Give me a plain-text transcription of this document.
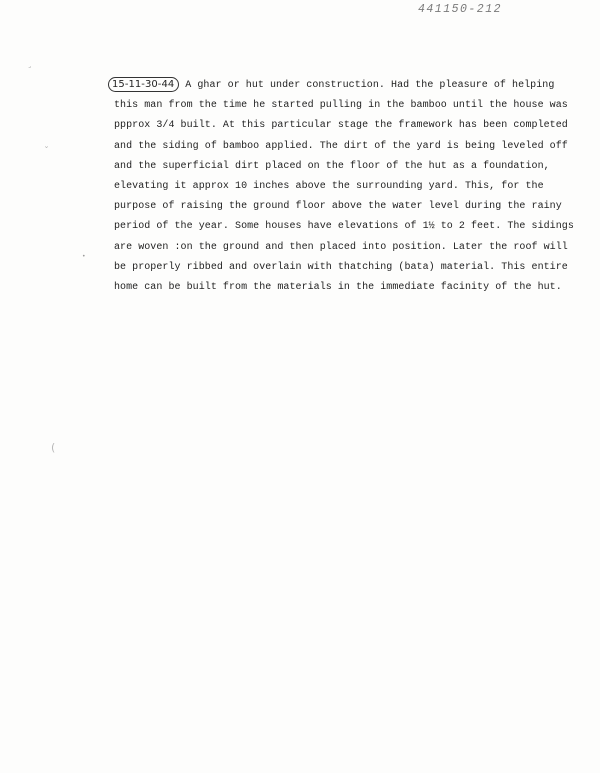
441150-212
˘
ˇ
•
(
15-11-30-44 A ghar or hut under construction. Had the pleasure of helping
this man from the time he started pulling in the bamboo until the house was
ppprox 3/4 built. At this particular stage the framework has been completed
and the siding of bamboo applied. The dirt of the yard is being leveled off
and the superficial dirt placed on the floor of the hut as a foundation,
elevating it approx 10 inches above the surrounding yard. This, for the
purpose of raising the ground floor above the water level during the rainy
period of the year. Some houses have elevations of 1½ to 2 feet. The sidings
are woven :on the ground and then placed into position. Later the roof will
be properly ribbed and overlain with thatching (bata) material. This entire
home can be built from the materials in the immediate facinity of the hut.
